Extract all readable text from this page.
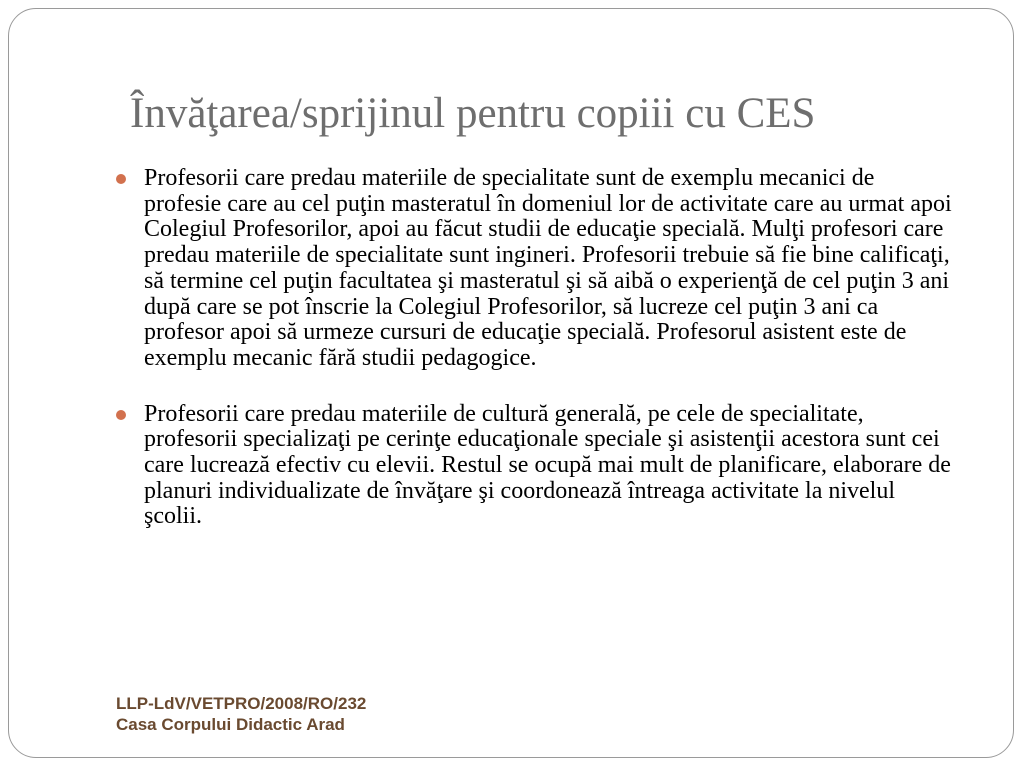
Învăţarea/sprijinul pentru copiii cu CES
Profesorii care predau materiile de specialitate sunt de exemplu mecanici de profesie care au cel puţin masteratul în domeniul lor de activitate care au urmat apoi Colegiul Profesorilor, apoi au făcut studii de educaţie specială. Mulţi profesori care predau materiile de specialitate sunt ingineri. Profesorii trebuie să fie bine calificaţi, să termine cel puţin facultatea şi masteratul şi să aibă o experienţă de cel puţin 3 ani după care se pot înscrie la Colegiul Profesorilor, să lucreze cel puţin 3 ani ca profesor apoi să urmeze cursuri de educaţie specială. Profesorul asistent este de exemplu mecanic fără studii pedagogice.
Profesorii care predau materiile de cultură generală, pe cele de specialitate, profesorii specializaţi pe cerinţe educaţionale speciale şi asistenţii acestora sunt cei care lucrează efectiv cu elevii. Restul se ocupă mai mult de planificare, elaborare de planuri individualizate de învăţare şi coordonează întreaga activitate la nivelul şcolii.
LLP-LdV/VETPRO/2008/RO/232
Casa Corpului Didactic Arad
